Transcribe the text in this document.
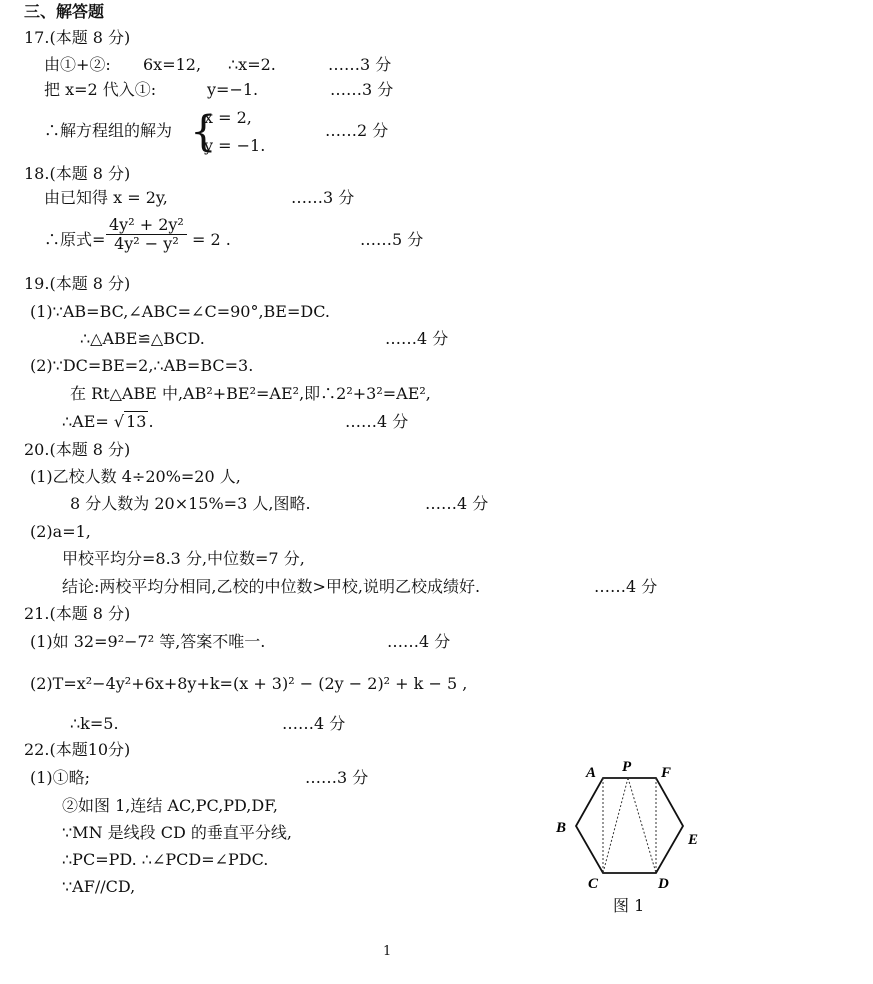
三、解答题
17.(本题 8 分)
由①+②: 6x=12, ∴x=2.	……3 分
把 x=2 代入①:	y=−1.	……3 分
∴解方程组的解为 {
x = 2,
y = −1.
……2 分
18.(本题 8 分)
由已知得 x = 2y,	……3 分
∴原式= $\frac{\text{4y² + 2y²}}{\text{4y² − y²}} = 2$ .	……5 分
19.(本题 8 分)
(1)∵AB=BC,∠ABC=∠C=90°,BE=DC.
∴△ABE≌△BCD.	……4 分
(2)∵DC=BE=2,∴AB=BC=3.
在 Rt△ABE 中,AB²+BE²=AE²,即∴2²+3²=AE²,
∴AE= √ 13 .	……4 分
20.(本题 8 分)
(1)乙校人数 4÷20%=20 人,
8 分人数为 20×15%=3 人,图略.	……4 分
(2)a=1,
甲校平均分=8.3 分,中位数=7 分,
结论:两校平均分相同,乙校的中位数>甲校,说明乙校成绩好.	……4 分
21.(本题 8 分)
(1)如 32=9²−7² 等,答案不唯一.	……4 分
(2)T=x²−4y²+6x+8y+k=(x + 3)² − (2y − 2)² + k − 5 ,
∴k=5.	……4 分
22.(本题10分)
(1)①略;	……3 分
②如图 1,连结 AC,PC,PD,DF,
∵MN 是线段 CD 的垂直平分线,
∴PC=PD. ∴∠PCD=∠PDC.
∵AF//CD,
A P F
B
E
C	D
图 1
1
